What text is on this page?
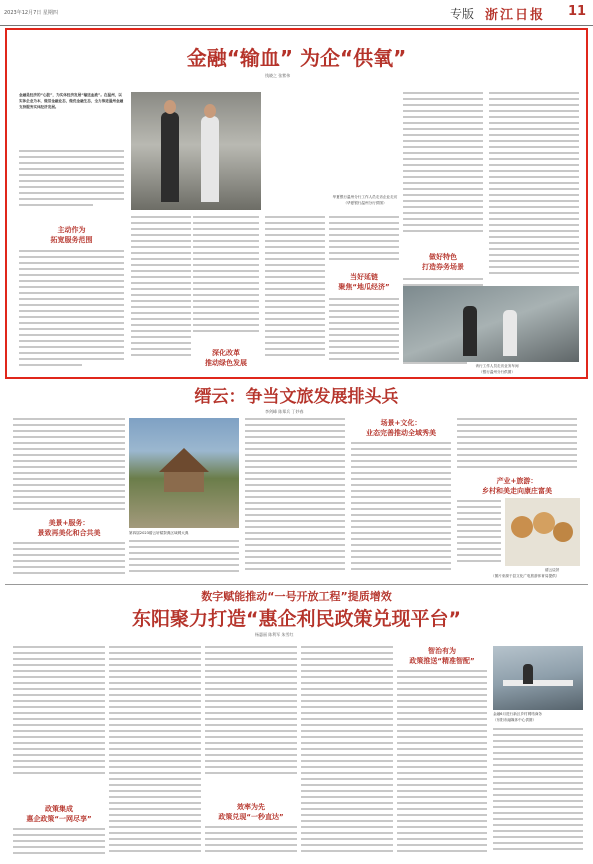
2023年12月7日 星期四	专版 浙江日报 11
金融“输血” 为企“供氧”
钱晓之 张紫伟
金融是经济的“心脏”，为实体经济发展“输送血液”。在温州，以实体企业为本，做活金融业态，做优金融生态，全力推进温州金融支持服务实体经济发展。
主动作为
拓宽服务范围
深化改革
推动绿色发展
华夏银行温州分行工作人员走访企业走访
（华夏银行温州分行供图）
当好延链
聚焦“地瓜经济”
做好特色
打造券务场景
该行工作人员走访业务车间
（银行温州分行供图）
缙云：争当文旅发展排头兵
李剑峰 陈郑兵 丁妙春
美景+服务：
景致再美化和合共美	第四届2023缙云轩辕祭典区域网大典
场景+文化：
业态完善推动全域秀美
产业+旅游：
乡村和美走向康庄富美
缙云烧饼
（图片来源于县文化广电旅游体育局提供）
数字赋能推动“一号开放工程”提质增效
东阳聚力打造“惠企利民政策兑现平台”
杨惠丽 陈利军 朱雪红
政策集成
惠企政策“一网尽享”
效率为先
政策兑现“一秒直达”
智治有为
政策推送“精准智配”
金融6月进行新区乡村网络商务
（东阳市融媒体中心供图）
